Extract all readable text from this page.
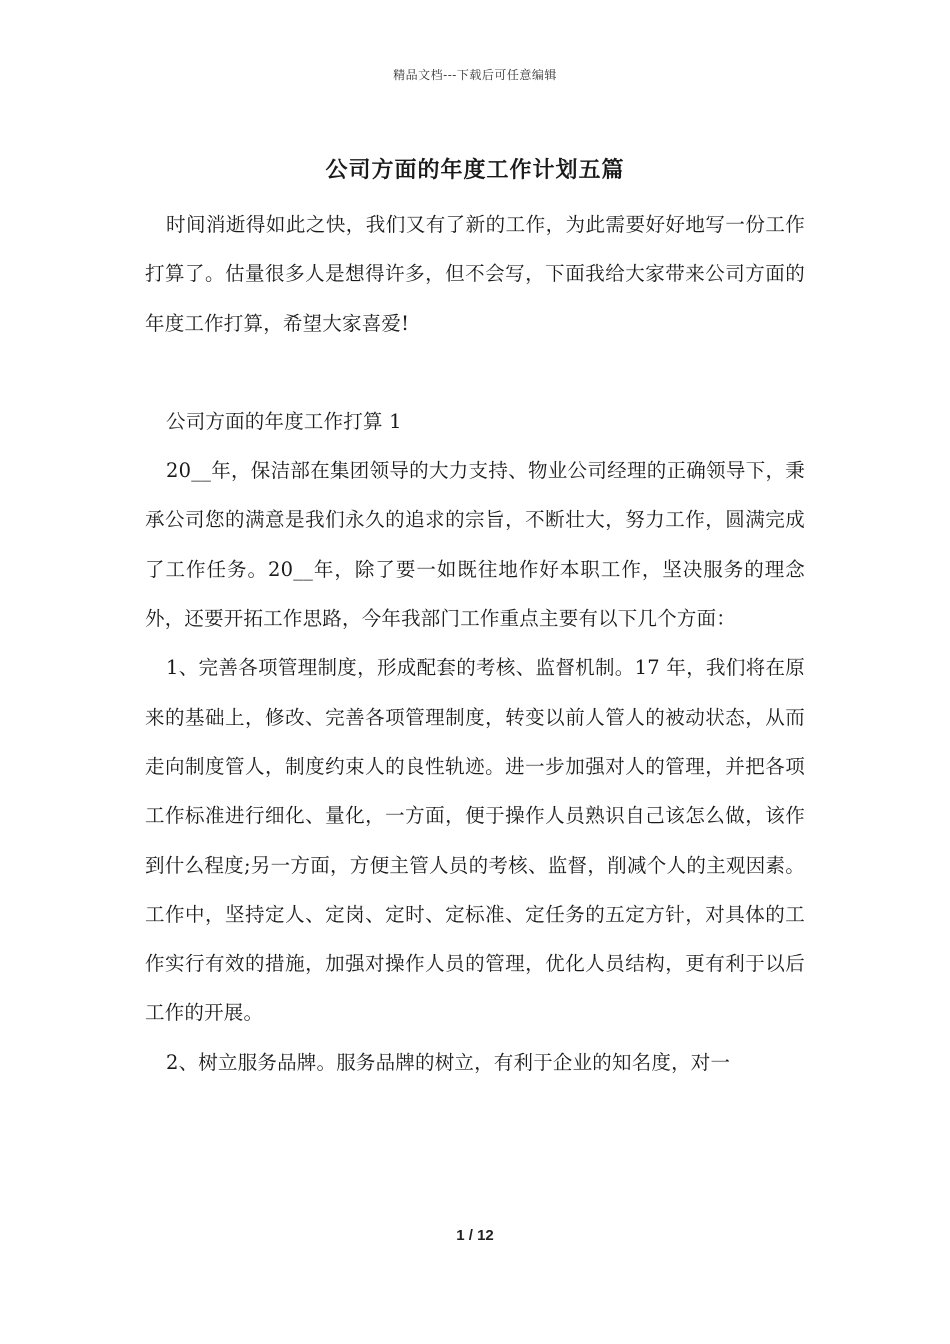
精品文档---下载后可任意编辑
公司方面的年度工作计划五篇

时间消逝得如此之快，我们又有了新的工作，为此需要好好地写一份工作打算了。估量很多人是想得许多，但不会写，下面我给大家带来公司方面的年度工作打算，希望大家喜爱!

公司方面的年度工作打算 1

20__年，保洁部在集团领导的大力支持、物业公司经理的正确领导下，秉承公司您的满意是我们永久的追求的宗旨，不断壮大，努力工作，圆满完成了工作任务。20__年，除了要一如既往地作好本职工作，坚决服务的理念外，还要开拓工作思路，今年我部门工作重点主要有以下几个方面：

1、完善各项管理制度，形成配套的考核、监督机制。17 年，我们将在原来的基础上，修改、完善各项管理制度，转变以前人管人的被动状态，从而走向制度管人，制度约束人的良性轨迹。进一步加强对人的管理，并把各项工作标准进行细化、量化，一方面，便于操作人员熟识自己该怎么做，该作到什么程度;另一方面，方便主管人员的考核、监督，削减个人的主观因素。工作中，坚持定人、定岗、定时、定标准、定任务的五定方针，对具体的工作实行有效的措施，加强对操作人员的管理，优化人员结构，更有利于以后工作的开展。

2、树立服务品牌。服务品牌的树立，有利于企业的知名度，对一

1 / 12
